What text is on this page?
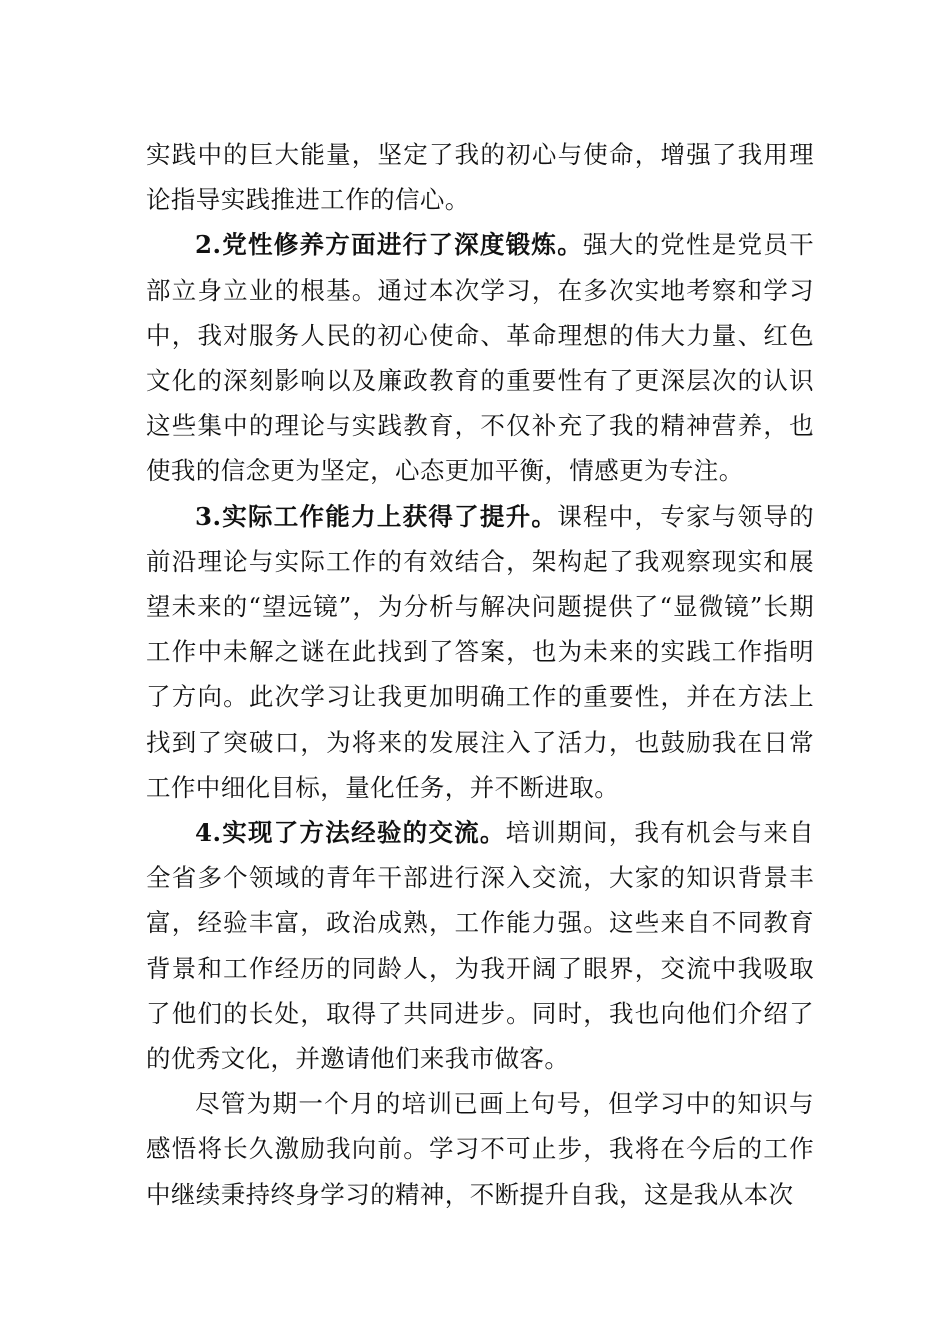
实践中的巨大能量，坚定了我的初心与使命，增强了我用理论指导实践推进工作的信心。

2.党性修养方面进行了深度锻炼。强大的党性是党员干部立身立业的根基。通过本次学习，在多次实地考察和学习中，我对服务人民的初心使命、革命理想的伟大力量、红色文化的深刻影响以及廉政教育的重要性有了更深层次的认识这些集中的理论与实践教育，不仅补充了我的精神营养，也使我的信念更为坚定，心态更加平衡，情感更为专注。

3.实际工作能力上获得了提升。课程中，专家与领导的前沿理论与实际工作的有效结合，架构起了我观察现实和展望未来的“望远镜”，为分析与解决问题提供了“显微镜”长期工作中未解之谜在此找到了答案，也为未来的实践工作指明了方向。此次学习让我更加明确工作的重要性，并在方法上找到了突破口，为将来的发展注入了活力，也鼓励我在日常工作中细化目标，量化任务，并不断进取。

4.实现了方法经验的交流。培训期间，我有机会与来自全省多个领域的青年干部进行深入交流，大家的知识背景丰富，经验丰富，政治成熟，工作能力强。这些来自不同教育背景和工作经历的同龄人，为我开阔了眼界，交流中我吸取了他们的长处，取得了共同进步。同时，我也向他们介绍了的优秀文化，并邀请他们来我市做客。

尽管为期一个月的培训已画上句号，但学习中的知识与感悟将长久激励我向前。学习不可止步，我将在今后的工作中继续秉持终身学习的精神，不断提升自我，这是我从本次
